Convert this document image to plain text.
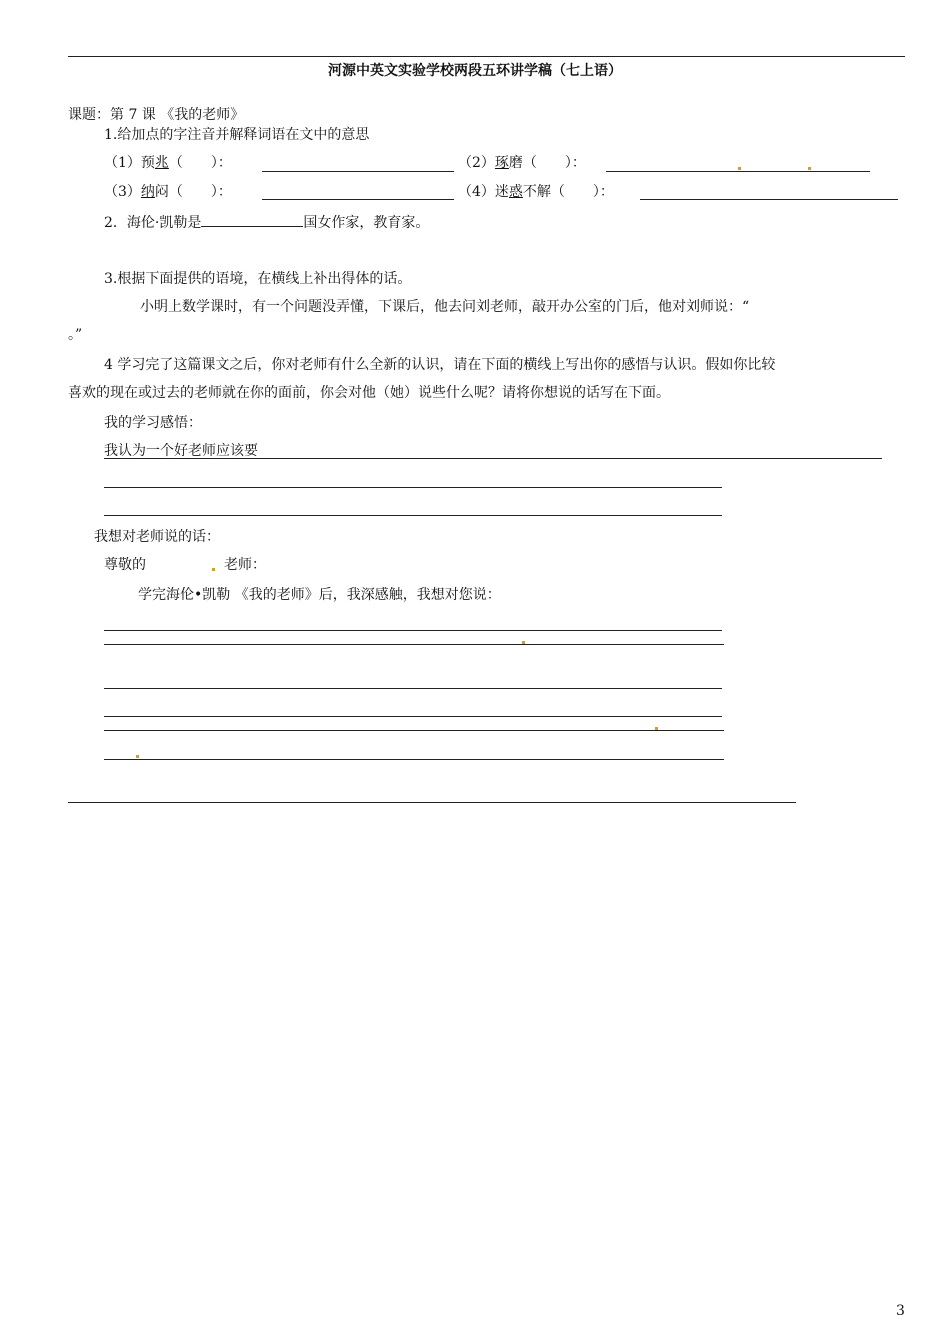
河源中英文实验学校两段五环讲学稿（七上语）
课题：第 7 课 《我的老师》
1.给加点的字注音并解释词语在文中的意思
（1）预兆（　　）：	（2）琢磨（　　）：
（3）纳闷（　　）：	（4）迷惑不解（　　）：
2．海伦·凯勒是	国女作家，教育家。
3.根据下面提供的语境，在横线上补出得体的话。
小明上数学课时，有一个问题没弄懂，下课后，他去问刘老师，敲开办公室的门后，他对刘师说：“
。”
4 学习完了这篇课文之后，你对老师有什么全新的认识，请在下面的横线上写出你的感悟与认识。假如你比较
喜欢的现在或过去的老师就在你的面前，你会对他（她）说些什么呢？请将你想说的话写在下面。
我的学习感悟：
我认为一个好老师应该要
我想对老师说的话：
尊敬的	老师：
学完海伦•凯勒 《我的老师》后，我深感触，我想对您说：
3
